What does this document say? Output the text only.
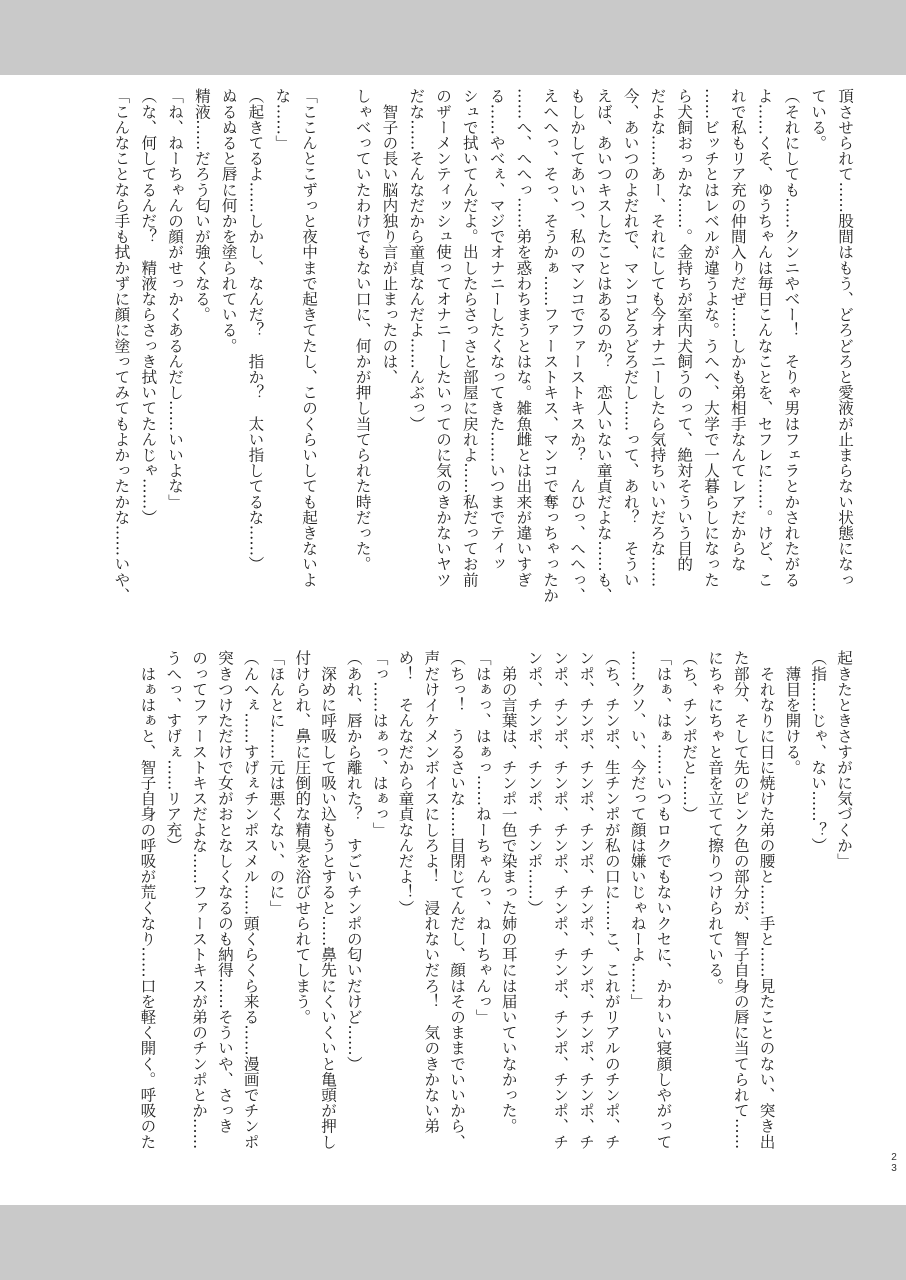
頂させられて……股間はもう、どろどろと愛液が止まらない状態になっ
ている。
（それにしても……クンニやべー！　そりゃ男はフェラとかされたがる
よ……くそ、ゆうちゃんは毎日こんなことを、セフレに……。けど、こ
れで私もリア充の仲間入りだぜ……しかも弟相手なんてレアだからな
……ビッチとはレベルが違うよな。うへへ、大学で一人暮らしになった
ら犬飼おっかな……。金持ちが室内犬飼うのって、絶対そういう目的
だよな……あー、それにしても今オナニーしたら気持ちいいだろな……
今、あいつのよだれで、マンコどろどろだし……って、あれ？　そうい
えば、あいつキスしたことはあるのか？　恋人いない童貞だよな……も、
もしかしてあいつ、私のマンコでファーストキスか？　んひっ、へへっ、
えへへっ、そっ、そうかぁ……ファーストキス、マンコで奪っちゃったか
……へ、へへっ……弟を惑わちまうとはな。雑魚雌とは出来が違いすぎ
る……やべぇ、マジでオナニーしたくなってきた……いつまでティッ
シュで拭いてんだよ。出したらさっさと部屋に戻れよ……私だってお前
のザーメンティッシュ使ってオナニーしたいってのに気のきかないヤツ
だな……そんなだから童貞なんだよ……んぶっ）
　智子の長い脳内独り言が止まったのは、
しゃべっていたわけでもない口に、何かが押し当てられた時だった。
「ここんとこずっと夜中まで起きてたし、このくらいしても起きないよ
な……」
（起きてるよ……しかし、なんだ？　指か？　太い指してるな……）
ぬるぬると唇に何かを塗られている。
精液……だろう匂いが強くなる。
「ね、ねーちゃんの顔がせっかくあるんだし……いいよな」
（な、何してるんだ？　精液ならさっき拭いてたんじゃ……）
「こんなことなら手も拭かずに顔に塗ってみてもよかったかな……いや、
起きたときさすがに気づくか」
（指……じゃ、ない……？）
　薄目を開ける。
　それなりに日に焼けた弟の腰と……手と……見たことのない、突き出
た部分、そして先のピンク色の部分が、智子自身の唇に当てられて……
にちゃにちゃと音を立てて擦りつけられている。
（ち、チンポだと……）
「はぁ、はぁ……いつもロクでもないクセに、かわいい寝顔しやがって
……クソ、い、今だって顔は嫌いじゃねーよ……」
（ち、チンポ、生チンポが私の口に……こ、これがリアルのチンポ、チ
ンポ、チンポ、チンポ、チンポ、チンポ、チンポ、チンポ、チンポ、チ
ンポ、チンポ、チンポ、チンポ、チンポ、チンポ、チンポ、チンポ、チ
ンポ、チンポ、チンポ、チンポ……）
　弟の言葉は、チンポ一色で染まった姉の耳には届いていなかった。
「はぁっ、はぁっ……ねーちゃんっ、ねーちゃんっ」
（ちっ！　うるさいな……目閉じてんだし、顔はそのままでいいから、
声だけイケメンボイスにしろよ！　浸れないだろ！　気のきかない弟
め！　そんなだから童貞なんだよ！）
「っ……はぁっ、はぁっ」
（あれ、唇から離れた？　すごいチンポの匂いだけど……）
　深めに呼吸して吸い込もうとすると……鼻先にくいくいと亀頭が押し
付けられ、鼻に圧倒的な精臭を浴びせられてしまう。
「ほんとに……元は悪くない、のに」
（んへぇ……すげぇチンポスメル……頭くらくら来る……漫画でチンポ
突きつけただけで女がおとなしくなるのも納得……そういや、さっき
のってファーストキスだよな……ファーストキスが弟のチンポとか……
うへっ、すげぇ……リア充）
　はぁはぁと、智子自身の呼吸が荒くなり……口を軽く開く。呼吸のた
2
3
